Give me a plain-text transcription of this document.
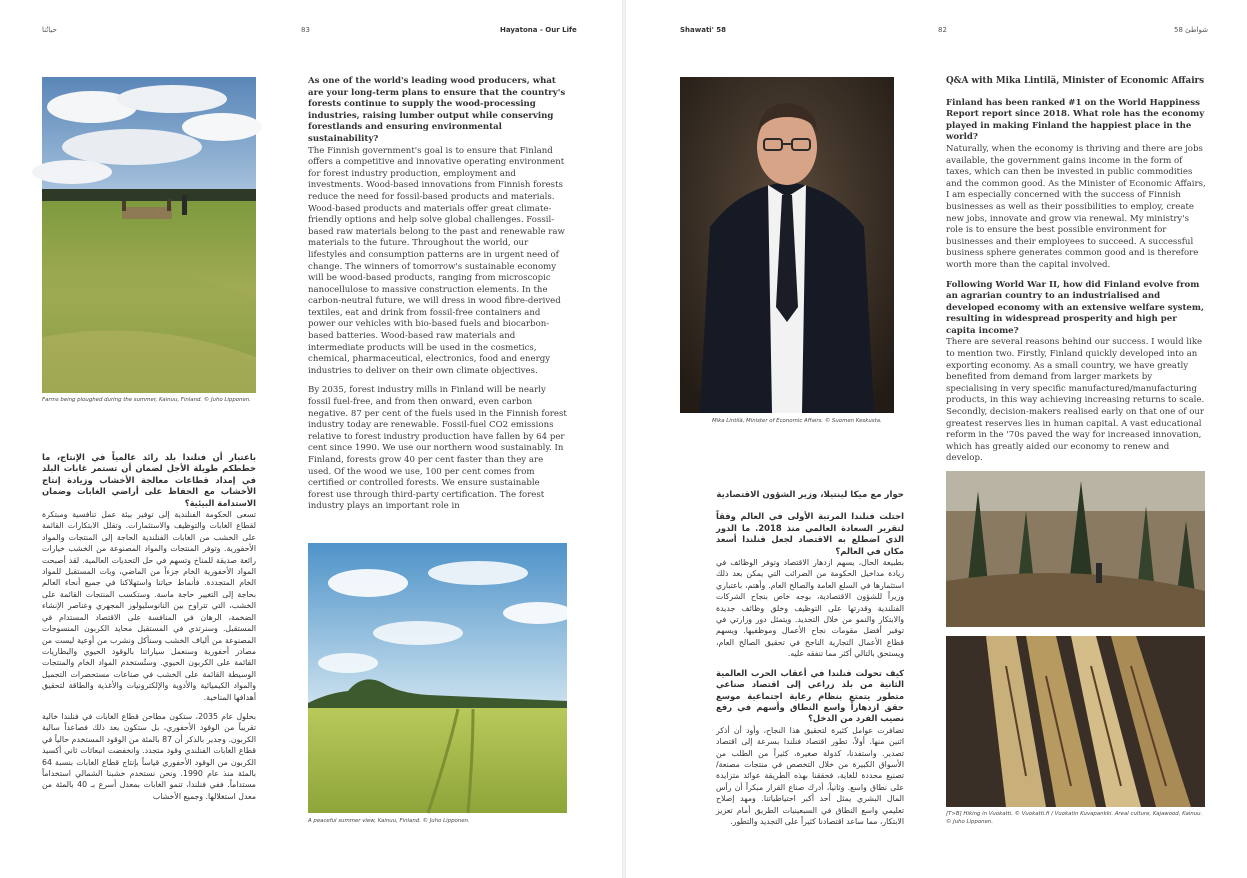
حياتُنا	83	Hayatona - Our Life
Farms being ploughed during the summer, Kainuu, Finland. © Juho Lipponen.

باعتبار أن فنلندا بلد رائد عالمياً في الإنتاج، ما خططكم طويلة الأجل لضمان أن تستمر غابات البلد في إمداد قطاعات معالجة الأخشاب وزيادة إنتاج الأخشاب مع الحفاظ على أراضي الغابات وضمان الاستدامة البيئية؟

تسعى الحكومة الفنلندية إلى توفير بيئة عمل تنافسية ومبتكرة لقطاع الغابات والتوظيف والاستثمارات. وتقلل الابتكارات القائمة على الخشب من الغابات الفنلندية الحاجة إلى المنتجات والمواد الأحفورية. وتوفر المنتجات والمواد المصنوعة من الخشب خيارات رائعة صديقة للمناخ وتسهم في حل التحديات العالمية. لقد أصبحت المواد الأحفورية الخام جزءاً من الماضي، وبات المستقبل للمواد الخام المتجددة. فأنماط حياتنا واستهلاكنا في جميع أنحاء العالم بحاجة إلى التغيير حاجة ماسة. وستكسب المنتجات القائمة على الخشب، التي تتراوح بين النانوسليولوز المجهري وعناصر الإنشاء الضخمة، الرهان في المنافسة على الاقتصاد المستدام في المستقبل. وسنرتدي في المستقبل محايد الكربون المنسوجات المصنوعة من ألياف الخشب وسنأكل ونشرب من أوعية ليست من مصادر أحفورية وسنعمل سياراتنا بالوقود الحيوي والبطاريات القائمة على الكربون الحيوي. وستُستخدم المواد الخام والمنتجات الوسيطة القائمة على الخشب في صناعات مستحضرات التجميل والمواد الكيميائية والأدوية والإلكترونيات والأغذية والطاقة لتحقيق أهدافها المناخية.

بحلول عام 2035، ستكون مطاحن قطاع الغابات في فنلندا خالية تقريباً من الوقود الأحفوري، بل ستكون بعد ذلك فصاعداً سالبة الكربون. وجدير بالذكر أن 87 بالمئة من الوقود المستخدم حالياً في قطاع الغابات الفنلندي وقود متجدد. وانخفضت انبعاثات ثاني أكسيد الكربون من الوقود الأحفوري قياساً بإنتاج قطاع الغابات بنسبة 64 بالمئة منذ عام 1990. ونحن نستخدم خشبنا الشمالي استخداماً مستداماً. ففي فنلندا، تنمو الغابات بمعدل أسرع بـ 40 بالمئة من معدل استغلالها. وجميع الأخشاب

As one of the world's leading wood producers, what are your long-term plans to ensure that the country's forests continue to supply the wood-processing industries, raising lumber output while conserving forestlands and ensuring environmental sustainability?

The Finnish government's goal is to ensure that Finland offers a competitive and innovative operating environment for forest industry production, employment and investments. Wood-based innovations from Finnish forests reduce the need for fossil-based products and materials. Wood-based products and materials offer great climate-friendly options and help solve global challenges. Fossil-based raw materials belong to the past and renewable raw materials to the future. Throughout the world, our lifestyles and consumption patterns are in urgent need of change. The winners of tomorrow's sustainable economy will be wood-based products, ranging from microscopic nanocellulose to massive construction elements. In the carbon-neutral future, we will dress in wood fibre-derived textiles, eat and drink from fossil-free containers and power our vehicles with bio-based fuels and biocarbon-based batteries. Wood-based raw materials and intermediate products will be used in the cosmetics, chemical, pharmaceutical, electronics, food and energy industries to deliver on their own climate objectives.

By 2035, forest industry mills in Finland will be nearly fossil fuel-free, and from then onward, even carbon negative. 87 per cent of the fuels used in the Finnish forest industry today are renewable. Fossil-fuel CO2 emissions relative to forest industry production have fallen by 64 per cent since 1990. We use our northern wood sustainably. In Finland, forests grow 40 per cent faster than they are used. Of the wood we use, 100 per cent comes from certified or controlled forests. We ensure sustainable forest use through third-party certification. The forest industry plays an important role in

A peaceful summer view, Kainuu, Finland. © Juho Lipponen.
Shawati' 58	82	شواطئ 58
Mika Lintilä, Minister of Economic Affairs. © Suomen Keskusta.

حوار مع ميكا لينتيلا، وزير الشؤون الاقتصادية

احتلت فنلندا المرتبة الأولى في العالم وفقاً لتقرير السعادة العالمي منذ 2018. ما الدور الذي اضطلع به الاقتصاد لجعل فنلندا أسعد مكان في العالم؟

بطبيعة الحال، يسهم ازدهار الاقتصاد وتوفر الوظائف في زيادة مداخيل الحكومة من الضرائب التي يمكن بعد ذلك استثمارها في السلع العامة والصالح العام. وأهتم، باعتباري وزيراً للشؤون الاقتصادية، بوجه خاص بنجاح الشركات الفنلندية وقدرتها على التوظيف وخلق وظائف جديدة والابتكار والنمو من خلال التجديد. ويتمثل دور وزارتي في توفير أفضل مقومات نجاح الأعمال وموظفيها. ويسهم قطاع الأعمال التجارية الناجح في تحقيق الصالح العام، ويستحق بالتالي أكثر مما تنفقه عليه.

كيف تحولت فنلندا في أعقاب الحرب العالمية الثانية من بلد زراعي إلى اقتصاد صناعي متطور يتمتع بنظام رعاية اجتماعية موسع حقق ازدهاراً واسع النطاق وأسهم في رفع نصيب الفرد من الدخل؟

تضافرت عوامل كثيرة لتحقيق هذا النجاح، وأود أن أذكر اثنين منها. أولاً، تطور اقتصاد فنلندا بسرعة إلى اقتصاد تصدير. واستفدنا، كدولة صغيرة، كثيراً من الطلب من الأسواق الكبيرة من خلال التخصص في منتجات مصنعة/ تصنيع محددة للغاية، فحققنا بهذه الطريقة عوائد متزايدة على نطاق واسع. وثانياً، أدرك صناع القرار مبكراً أن رأس المال البشري يمثل أحد أكبر احتياطياتنا. ومهد إصلاح تعليمي واسع النطاق في السبعينيات الطريق أمام تعزيز الابتكار، مما ساعد اقتصادنا كثيراً على التجديد والتطور.

Q&A with Mika Lintilä, Minister of Economic Affairs

Finland has been ranked #1 on the World Happiness Report report since 2018. What role has the economy played in making Finland the happiest place in the world?

Naturally, when the economy is thriving and there are jobs available, the government gains income in the form of taxes, which can then be invested in public commodities and the common good. As the Minister of Economic Affairs, I am especially concerned with the success of Finnish businesses as well as their possibilities to employ, create new jobs, innovate and grow via renewal. My ministry's role is to ensure the best possible environment for businesses and their employees to succeed. A successful business sphere generates common good and is therefore worth more than the capital involved.

Following World War II, how did Finland evolve from an agrarian country to an industrialised and developed economy with an extensive welfare system, resulting in widespread prosperity and high per capita income?

There are several reasons behind our success. I would like to mention two. Firstly, Finland quickly developed into an exporting economy. As a small country, we have greatly benefited from demand from larger markets by specialising in very specific manufactured/manufacturing products, in this way achieving increasing returns to scale. Secondly, decision-makers realised early on that one of our greatest reserves lies in human capital. A vast educational reform in the '70s paved the way for increased innovation, which has greatly aided our economy to renew and develop.

[T>B] Hiking in Vuokatti. © Vuokatti.fi / Vuokatin Kuvapankki. Areal culture, Kajawood, Kainuu. © Juho Lipponen.
